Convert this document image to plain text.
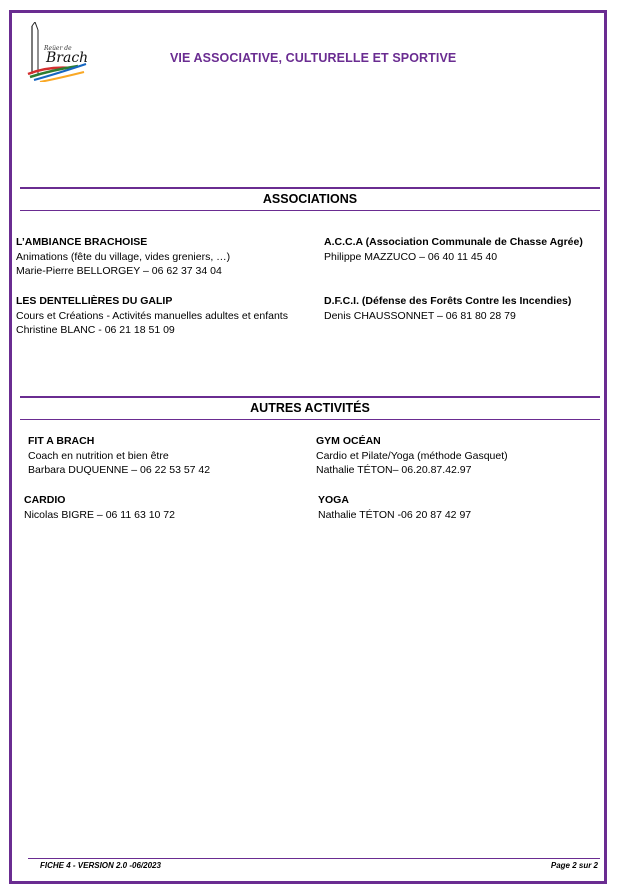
Reüer de
Brach	VIE ASSOCIATIVE, CULTURELLE ET SPORTIVE
ASSOCIATIONS
L’AMBIANCE BRACHOISE
Animations (fête du village, vides greniers, …)
Marie-Pierre BELLORGEY – 06 62 37 34 04
A.C.C.A (Association Communale de Chasse Agrée)
Philippe MAZZUCO – 06 40 11 45 40
LES DENTELLIÈRES DU GALIP
Cours et Créations - Activités manuelles adultes et enfants
Christine BLANC - 06 21 18 51 09
D.F.C.I. (Défense des Forêts Contre les Incendies)
Denis CHAUSSONNET – 06 81 80 28 79
AUTRES ACTIVITÉS
FIT A BRACH
Coach en nutrition et bien être
Barbara DUQUENNE – 06 22 53 57 42
GYM OCÉAN
Cardio et Pilate/Yoga (méthode Gasquet)
Nathalie TÉTON– 06.20.87.42.97
CARDIO
Nicolas BIGRE – 06 11 63 10 72
YOGA
Nathalie TÉTON -06 20 87 42 97
FICHE 4 - VERSION 2.0 -06/2023	Page 2 sur 2
